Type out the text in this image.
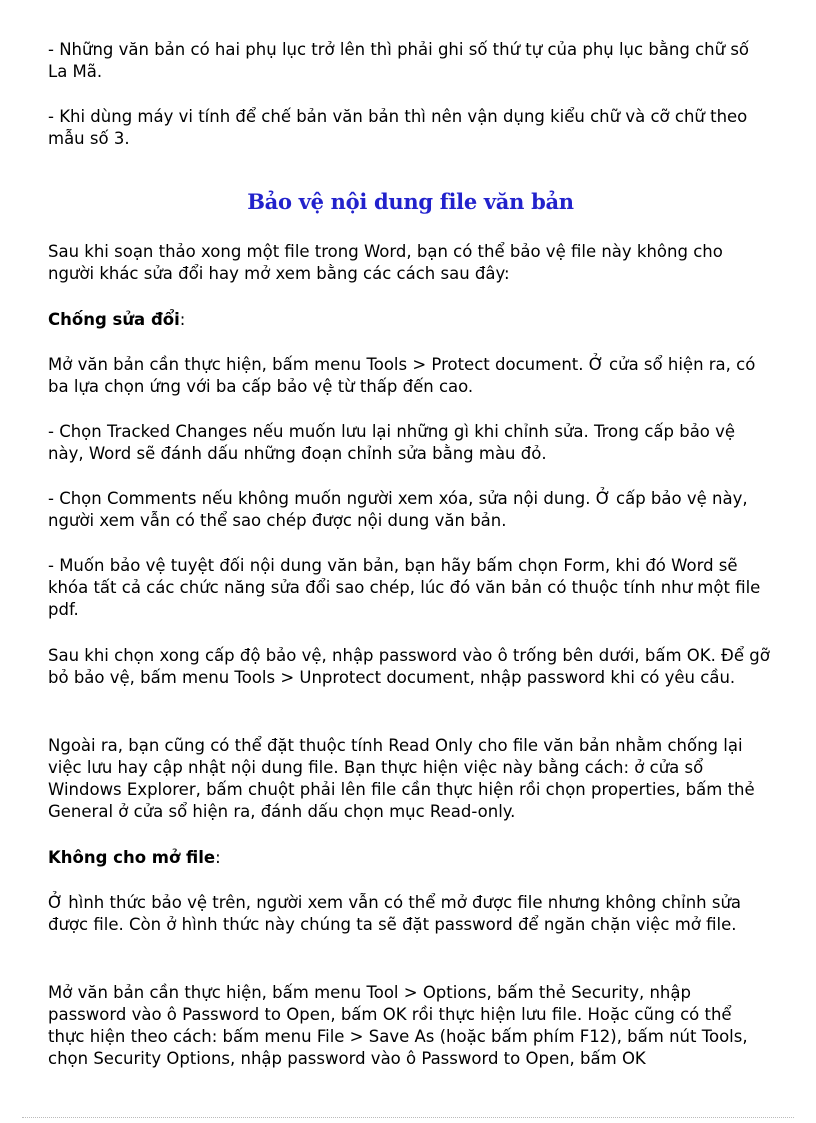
- Những văn bản có hai phụ lục trở lên thì phải ghi số thứ tự của phụ lục bằng chữ số La Mã.

- Khi dùng máy vi tính để chế bản văn bản thì nên vận dụng kiểu chữ và cỡ chữ theo mẫu số 3.

Bảo vệ nội dung file văn bản

Sau khi soạn thảo xong một file trong Word, bạn có thể bảo vệ file này không cho người khác sửa đổi hay mở xem bằng các cách sau đây:

Chống sửa đổi:

Mở văn bản cần thực hiện, bấm menu Tools > Protect document. Ở cửa sổ hiện ra, có ba lựa chọn ứng với ba cấp bảo vệ từ thấp đến cao.

- Chọn Tracked Changes nếu muốn lưu lại những gì khi chỉnh sửa. Trong cấp bảo vệ này, Word sẽ đánh dấu những đoạn chỉnh sửa bằng màu đỏ.

- Chọn Comments nếu không muốn người xem xóa, sửa nội dung. Ở cấp bảo vệ này, người xem vẫn có thể sao chép được nội dung văn bản.

- Muốn bảo vệ tuyệt đối nội dung văn bản, bạn hãy bấm chọn Form, khi đó Word sẽ khóa tất cả các chức năng sửa đổi sao chép, lúc đó văn bản có thuộc tính như một file pdf.

Sau khi chọn xong cấp độ bảo vệ, nhập password vào ô trống bên dưới, bấm OK. Để gỡ bỏ bảo vệ, bấm menu Tools > Unprotect document, nhập password khi có yêu cầu.

Ngoài ra, bạn cũng có thể đặt thuộc tính Read Only cho file văn bản nhằm chống lại việc lưu hay cập nhật nội dung file. Bạn thực hiện việc này bằng cách: ở cửa sổ Windows Explorer, bấm chuột phải lên file cần thực hiện rồi chọn properties, bấm thẻ General ở cửa sổ hiện ra, đánh dấu chọn mục Read-only.

Không cho mở file:

Ở hình thức bảo vệ trên, người xem vẫn có thể mở được file nhưng không chỉnh sửa được file. Còn ở hình thức này chúng ta sẽ đặt password để ngăn chặn việc mở file.

Mở văn bản cần thực hiện, bấm menu Tool > Options, bấm thẻ Security, nhập password vào ô Password to Open, bấm OK rồi thực hiện lưu file. Hoặc cũng có thể thực hiện theo cách: bấm menu File > Save As (hoặc bấm phím F12), bấm nút Tools, chọn Security Options, nhập password vào ô Password to Open, bấm OK
